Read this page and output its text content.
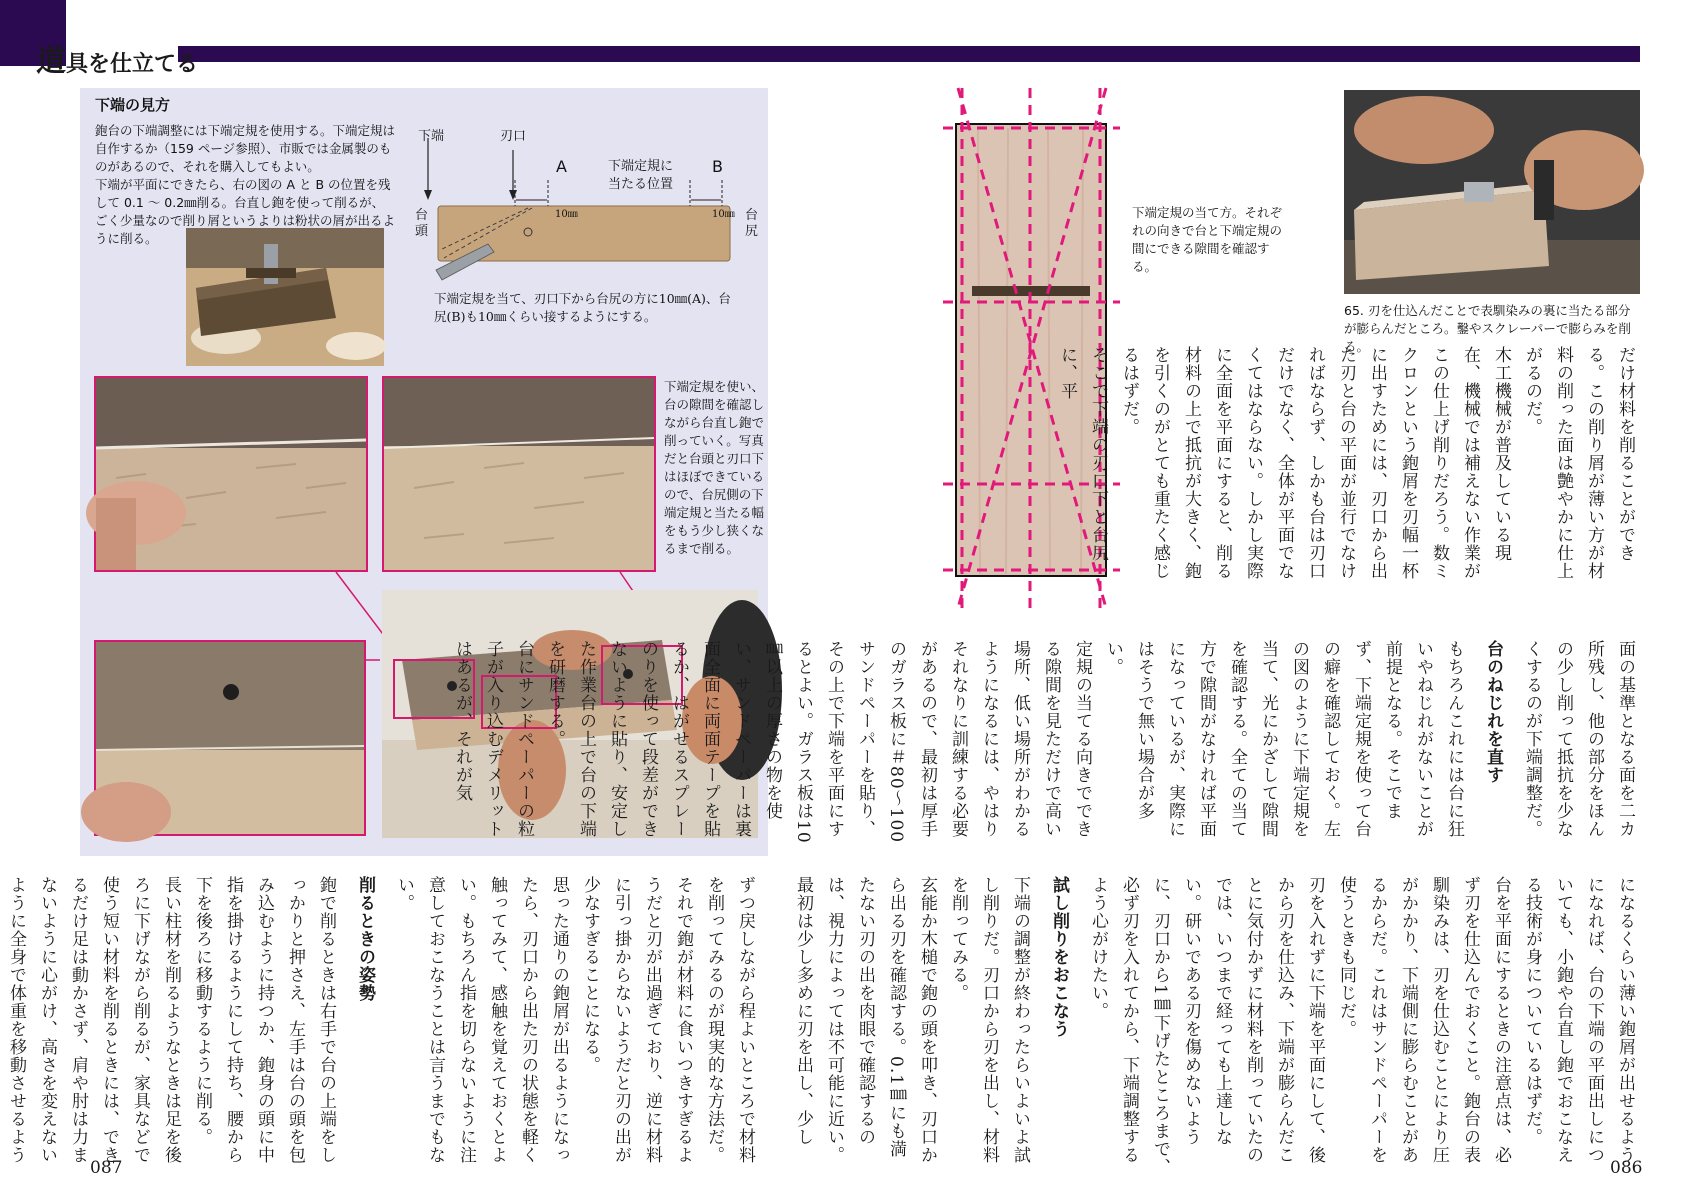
道具を仕立てる
下端の見方
鉋台の下端調整には下端定規を使用する。下端定規は自作するか（159 ページ参照）、市販では金属製のものがあるので、それを購入してもよい。
下端が平面にできたら、右の図の A と B の位置を残して 0.1 〜 0.2㎜削る。台直し鉋を使って削るが、ごく少量なので削り屑というよりは粉状の屑が出るように削る。
下端	刃口
A	B
下端定規に
当たる位置
台頭
台尻
10㎜	10㎜
下端定規を当て、刃口下から台尻の方に10㎜(A)、台尻(B)も10㎜くらい接するようにする。
下端定規を使い、台の隙間を確認しながら台直し鉋で削っていく。写真だと台頭と刃口下はほぼできているので、台尻側の下端定規と当たる幅をもう少し狭くなるまで削る。

ずつ戻しながら程よいところで材料を削ってみるのが現実的な方法だ。

それで鉋が材料に食いつきすぎるようだと刃が出過ぎており、逆に材料に引っ掛からないようだと刃の出が少なすぎることになる。

思った通りの鉋屑が出るようになったら、刃口から出た刃の状態を軽く触ってみて、感触を覚えておくとよい。もちろん指を切らないように注意しておこなうことは言うまでもない。

削るときの姿勢

鉋で削るときは右手で台の上端をしっかりと押さえ、左手は台の頭を包み込むように持つか、鉋身の頭に中指を掛けるようにして持ち、腰から下を後ろに移動するように削る。

長い柱材を削るようなときは足を後ろに下げながら削るが、家具などで使う短い材料を削るときには、できるだけ足は動かさず、肩や肘は力まないように心がけ、高さを変えないように全身で体重を移動させるよう

087
下端定規の当て方。それぞれの向きで台と下端定規の間にできる隙間を確認する。
65. 刃を仕込んだことで表馴染みの裏に当たる部分が膨らんだところ。鑿やスクレーパーで膨らみを削る。	だけ材料を削ることができる。この削り屑が薄い方が材料の削った面は艶やかに仕上がるのだ。
木工機械が普及している現在、機械では補えない作業がこの仕上げ削りだろう。数ミクロンという鉋屑を刃幅一杯に出すためには、刃口から出た刃と台の平面が並行でなければならず、しかも台は刃口だけでなく、全体が平面でなくてはならない。しかし実際に全面を平面にすると、削る材料の上で抵抗が大きく、鉋を引くのがとても重たく感じるはずだ。
そこで下端の刃口下と台尻に、平

面の基準となる面を二カ所残し、他の部分をほんの少し削って抵抗を少なくするのが下端調整だ。

台のねじれを直す

もちろんこれには台に狂いやねじれがないことが前提となる。そこでまず、下端定規を使って台の癖を確認しておく。左の図のように下端定規を当て、光にかざして隙間を確認する。全ての当て方で隙間がなければ平面になっているが、実際にはそうで無い場合が多い。
定規の当てる向きでできる隙間を見ただけで高い場所、低い場所がわかるようになるには、やはりそれなりに訓練する必要があるので、最初は厚手のガラス板に＃80〜100サンドペーパーを貼り、その上で下端を平面にするとよい。ガラス板は10㎜以上の厚さの物を使い、サンドペーパーは裏面全面に両面テープを貼るか、はがせるスプレーのりを使って段差ができないように貼り、安定した作業台の上で台の下端を研磨する。
台にサンドペーパーの粒子が入り込むデメリットはあるが、それが気

になるくらい薄い鉋屑が出せるようになれば、台の下端の平面出しについても、小鉋や台直し鉋でおこなえる技術が身についているはずだ。
台を平面にするときの注意点は、必ず刃を仕込んでおくこと。鉋台の表馴染みは、刃を仕込むことにより圧がかかり、下端側に膨らむことがあるからだ。これはサンドペーパーを使うときも同じだ。
刃を入れずに下端を平面にして、後から刃を仕込み、下端が膨らんだことに気付かずに材料を削っていたのでは、いつまで経っても上達しない。研いである刃を傷めないように、刃口から1㎜下げたところまで、必ず刃を入れてから、下端調整するよう心がけたい。

試し削りをおこなう

下端の調整が終わったらいよいよ試し削りだ。刃口から刃を出し、材料を削ってみる。
玄能か木槌で鉋の頭を叩き、刃口から出る刃を確認する。0.1㎜にも満たない刃の出を肉眼で確認するのは、視力によっては不可能に近い。最初は少し多めに刃を出し、少し

086
